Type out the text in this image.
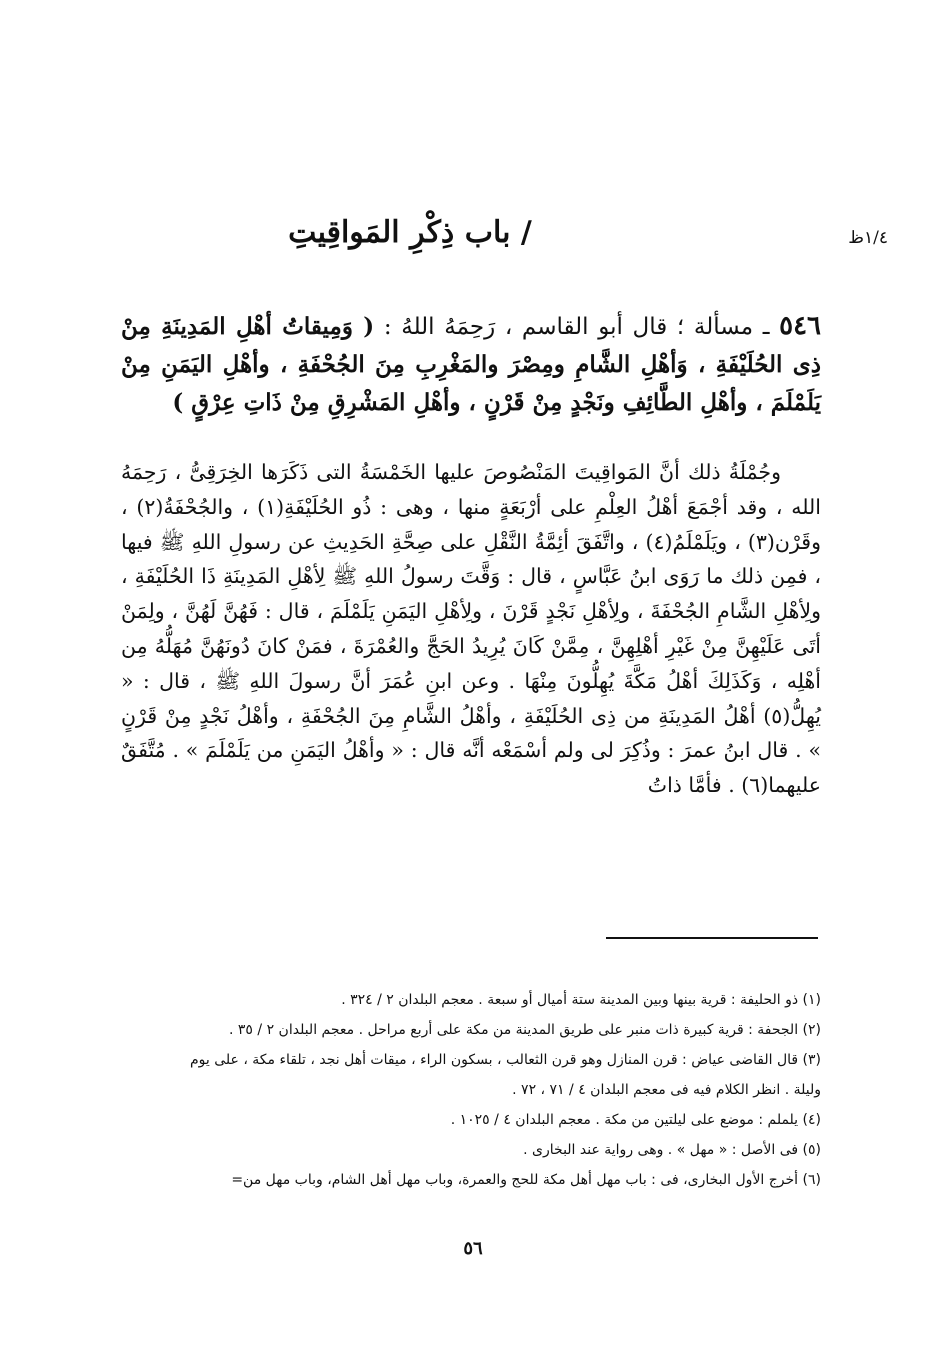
١/٤ظ
/ باب ذِكْرِ المَواقِيتِ
٥٤٦ ـ مسألة ؛ قال أبو القاسم ، رَحِمَهُ اللهُ : ( وَمِيقاتُ أهْلِ المَدِينَةِ مِنْ ذِى الحُلَيْفَةِ ، وَأهْلِ الشَّامِ ومِصْرَ والمَغْرِبِ مِنَ الجُحْفَةِ ، وأهْلِ اليَمَنِ مِنْ يَلَمْلَمَ ، وأهْلِ الطَّائِفِ ونَجْدٍ مِنْ قَرْنٍ ، وأهْلِ المَشْرِقِ مِنْ ذَاتِ عِرْقٍ )

وجُمْلَةُ ذلك أنَّ المَواقِيتَ المَنْصُوصَ عليها الخَمْسَةُ التى ذَكَرَها الخِرَقِىُّ ، رَحِمَهُ الله ، وقد أجْمَعَ أهْلُ العِلْمِ على أرْبَعَةٍ منها ، وهى : ذُو الحُلَيْفَةِ(١) ، والجُحْفَةُ(٢) ، وقَرْن(٣) ، ويَلَمْلَمُ(٤) ، واتَّفَقَ أئِمَّةُ النَّقْلِ على صِحَّةِ الحَدِيثِ عن رسولِ اللهِ ﷺ فيها ، فمِن ذلك ما رَوَى ابنُ عَبَّاسٍ ، قال : وَقَّتَ رسولُ اللهِ ﷺ لِأهْلِ المَدِينَةِ ذَا الحُلَيْفَةِ ، ولِأهْلِ الشَّامِ الجُحْفَةَ ، ولِأهْلِ نَجْدٍ قَرْنَ ، ولِأهْلِ اليَمَنِ يَلَمْلَمَ ، قال : فَهُنَّ لَهُنَّ ، ولِمَنْ أتَى عَلَيْهِنَّ مِنْ غَيْرِ أهْلِهِنَّ ، مِمَّنْ كَانَ يُرِيدُ الحَجَّ والعُمْرَةَ ، فمَنْ كانَ دُونَهُنَّ مُهَلُّهُ مِن أهْلِه ، وَكَذَلِكَ أهْلُ مَكَّةَ يُهِلُّونَ مِنْهَا . وعن ابنِ عُمَرَ أنَّ رسولَ اللهِ ﷺ ، قال : « يُهِلُّ(٥) أهْلُ المَدِينَةِ من ذِى الحُلَيْفَةِ ، وأهْلُ الشَّامِ مِنَ الجُحْفَةِ ، وأهْلُ نَجْدٍ مِنْ قَرْنٍ » . قال ابنُ عمرَ : وذُكِرَ لى ولم أسْمَعْه أنَّه قال : « وأهْلُ اليَمَنِ من يَلَمْلَمَ » . مُتَّفَقٌ عليهما(٦) . فأمَّا ذاتُ

(١) ذو الحليفة : قرية بينها وبين المدينة ستة أميال أو سبعة . معجم البلدان ٢ / ٣٢٤ .

(٢) الجحفة : قرية كبيرة ذات منبر على طريق المدينة من مكة على أربع مراحل . معجم البلدان ٢ / ٣٥ .

(٣) قال القاضى عياض : قرن المنازل وهو قرن الثعالب ، بسكون الراء ، ميقات أهل نجد ، تلقاء مكة ، على يوم

وليلة . انظر الكلام فيه فى معجم البلدان ٤ / ٧١ ، ٧٢ .

(٤) يلملم : موضع على ليلتين من مكة . معجم البلدان ٤ / ١٠٢٥ .

(٥) فى الأصل : « مهل » . وهى رواية عند البخارى .

(٦) أخرج الأول البخارى، فى : باب مهل أهل مكة للحج والعمرة، وباب مهل أهل الشام، وباب مهل من=

٥٦
